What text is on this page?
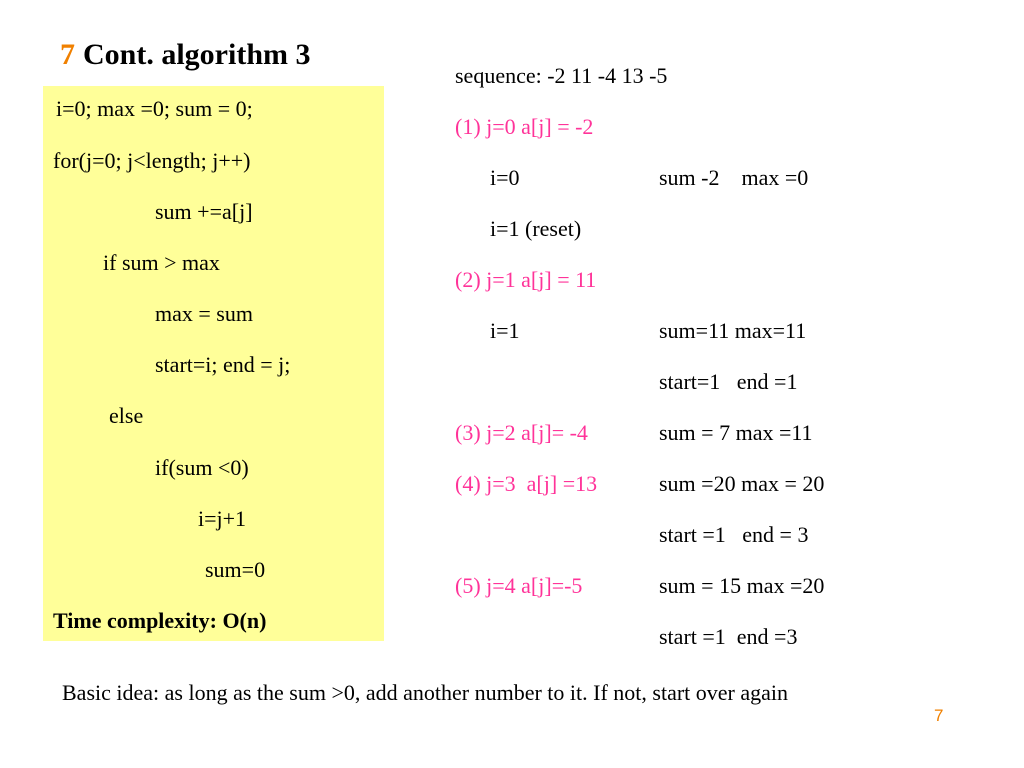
7 Cont. algorithm 3
i=0; max =0; sum = 0;
for(j=0; j<length; j++)
sum +=a[j]
if sum > max
max = sum
start=i; end = j;
else
if(sum <0)
i=j+1
sum=0
Time complexity: O(n)
sequence: -2 11 -4 13 -5
(1) j=0 a[j] = -2
i=0	sum -2    max =0
i=1 (reset)
(2) j=1 a[j] = 11
i=1	sum=11 max=11
start=1   end =1
(3) j=2 a[j]= -4	sum = 7 max =11
(4) j=3  a[j] =13	sum =20 max = 20
start =1   end = 3
(5) j=4 a[j]=-5	sum = 15 max =20
start =1  end =3
Basic idea: as long as the sum >0, add another number to it. If not, start over again
7
